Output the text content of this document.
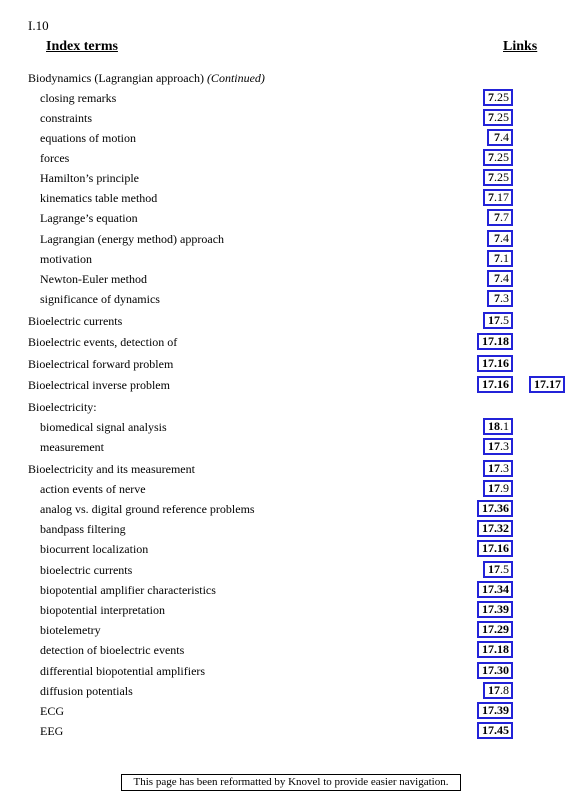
I.10
Index terms	Links
Biodynamics (Lagrangian approach) (Continued)
closing remarks	7.25
constraints	7.25
equations of motion	7.4
forces	7.25
Hamilton’s principle	7.25
kinematics table method	7.17
Lagrange’s equation	7.7
Lagrangian (energy method) approach	7.4
motivation	7.1
Newton-Euler method	7.4
significance of dynamics	7.3
Bioelectric currents	17.5
Bioelectric events, detection of	17.18
Bioelectrical forward problem	17.16
Bioelectrical inverse problem	17.16	17.17
Bioelectricity:
biomedical signal analysis	18.1
measurement	17.3
Bioelectricity and its measurement	17.3
action events of nerve	17.9
analog vs. digital ground reference problems	17.36
bandpass filtering	17.32
biocurrent localization	17.16
bioelectric currents	17.5
biopotential amplifier characteristics	17.34
biopotential interpretation	17.39
biotelemetry	17.29
detection of bioelectric events	17.18
differential biopotential amplifiers	17.30
diffusion potentials	17.8
ECG	17.39
EEG	17.45
This page has been reformatted by Knovel to provide easier navigation.
